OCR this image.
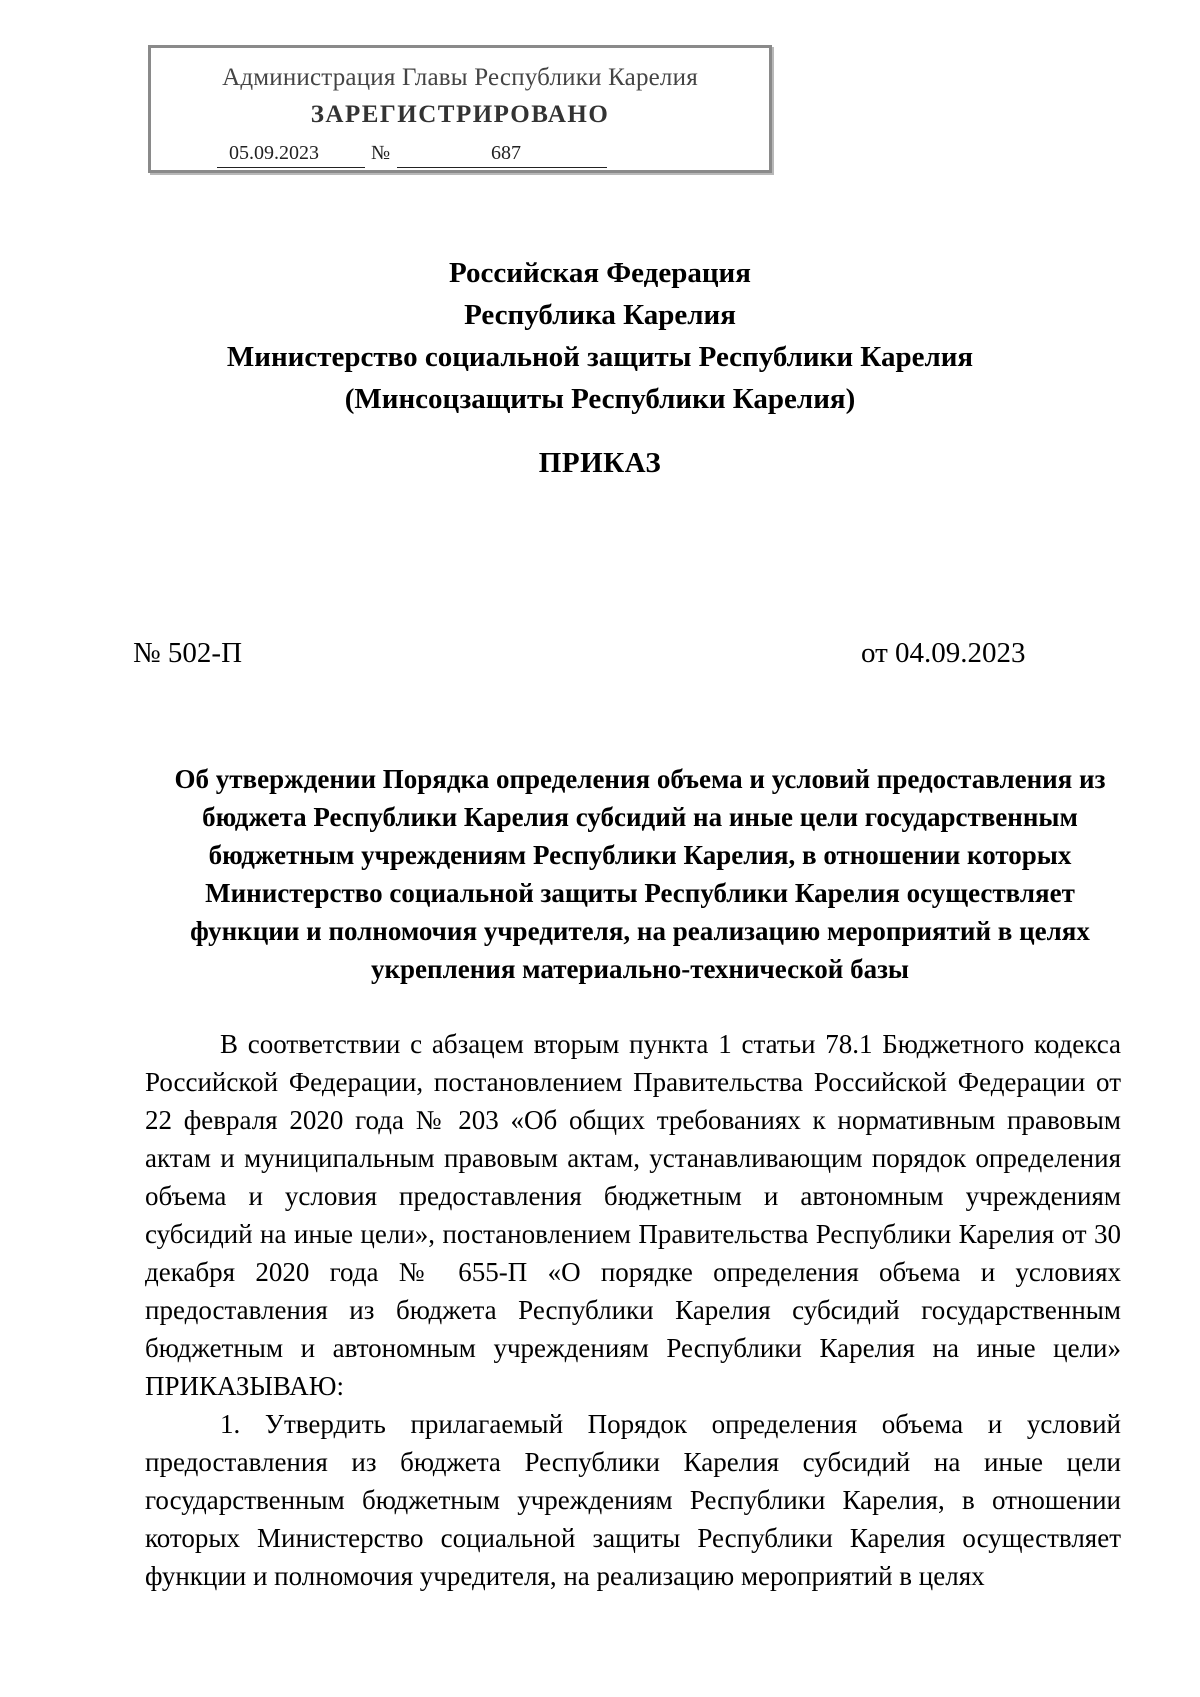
Администрация Главы Республики Карелия
ЗАРЕГИСТРИРОВАНО
05.09.2023	№	687
Российская Федерация
Республика Карелия
Министерство социальной защиты Республики Карелия
(Минсоцзащиты Республики Карелия)
ПРИКАЗ
№ 502-П	от 04.09.2023
Об утверждении Порядка определения объема и условий предоставления из бюджета Республики Карелия субсидий на иные цели государственным бюджетным учреждениям Республики Карелия, в отношении которых Министерство социальной защиты Республики Карелия осуществляет функции и полномочия учредителя, на реализацию мероприятий в целях укрепления материально-технической базы

В соответствии с абзацем вторым пункта 1 статьи 78.1 Бюджетного кодекса Российской Федерации, постановлением Правительства Российской Федерации от 22 февраля 2020 года № 203 «Об общих требованиях к нормативным правовым актам и муниципальным правовым актам, устанавливающим порядок определения объема и условия предоставления бюджетным и автономным учреждениям субсидий на иные цели», постановлением Правительства Республики Карелия от 30 декабря 2020 года № 655-П «О порядке определения объема и условиях предоставления из бюджета Республики Карелия субсидий государственным бюджетным и автономным учреждениям Республики Карелия на иные цели» ПРИКАЗЫВАЮ:

1. Утвердить прилагаемый Порядок определения объема и условий предоставления из бюджета Республики Карелия субсидий на иные цели государственным бюджетным учреждениям Республики Карелия, в отношении которых Министерство социальной защиты Республики Карелия осуществляет функции и полномочия учредителя, на реализацию мероприятий в целях
